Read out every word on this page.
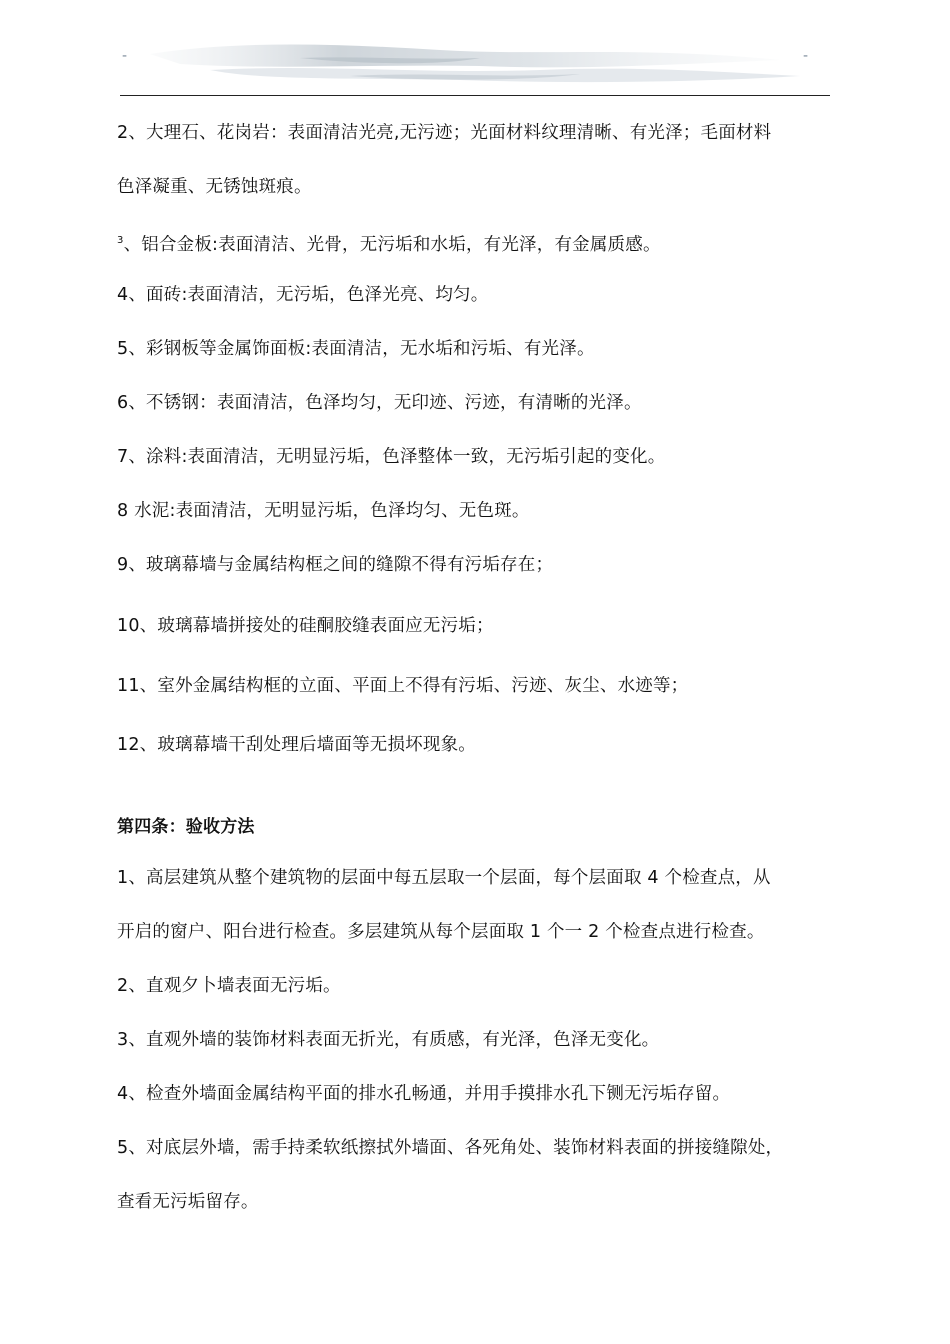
-	-
2、大理石、花岗岩：表面清洁光亮,无污迹；光面材料纹理清晰、有光泽；毛面材料
色泽凝重、无锈蚀斑痕。
$^3$、铝合金板:表面清洁、光骨，无污垢和水垢，有光泽，有金属质感。
4、面砖:表面清洁，无污垢，色泽光亮、均匀。
5、彩钢板等金属饰面板:表面清洁，无水垢和污垢、有光泽。
6、不锈钢：表面清洁，色泽均匀，无印迹、污迹，有清晰的光泽。
7、涂料:表面清洁，无明显污垢，色泽整体一致，无污垢引起的变化。
8 水泥:表面清洁，无明显污垢，色泽均匀、无色斑。
9、玻璃幕墙与金属结构框之间的缝隙不得有污垢存在；
10、玻璃幕墙拼接处的硅酮胶缝表面应无污垢；
11、室外金属结构框的立面、平面上不得有污垢、污迹、灰尘、水迹等；
12、玻璃幕墙干刮处理后墙面等无损坏现象。
第四条：验收方法
1、高层建筑从整个建筑物的层面中每五层取一个层面，每个层面取 4 个检查点，从
开启的窗户、阳台进行检查。多层建筑从每个层面取 1 个一 2 个检查点进行检查。
2、直观夕卜墙表面无污垢。
3、直观外墙的装饰材料表面无折光，有质感，有光泽，色泽无变化。
4、检查外墙面金属结构平面的排水孔畅通，并用手摸排水孔下铡无污垢存留。
5、对底层外墙，需手持柔软纸擦拭外墙面、各死角处、装饰材料表面的拼接缝隙处，
查看无污垢留存。
